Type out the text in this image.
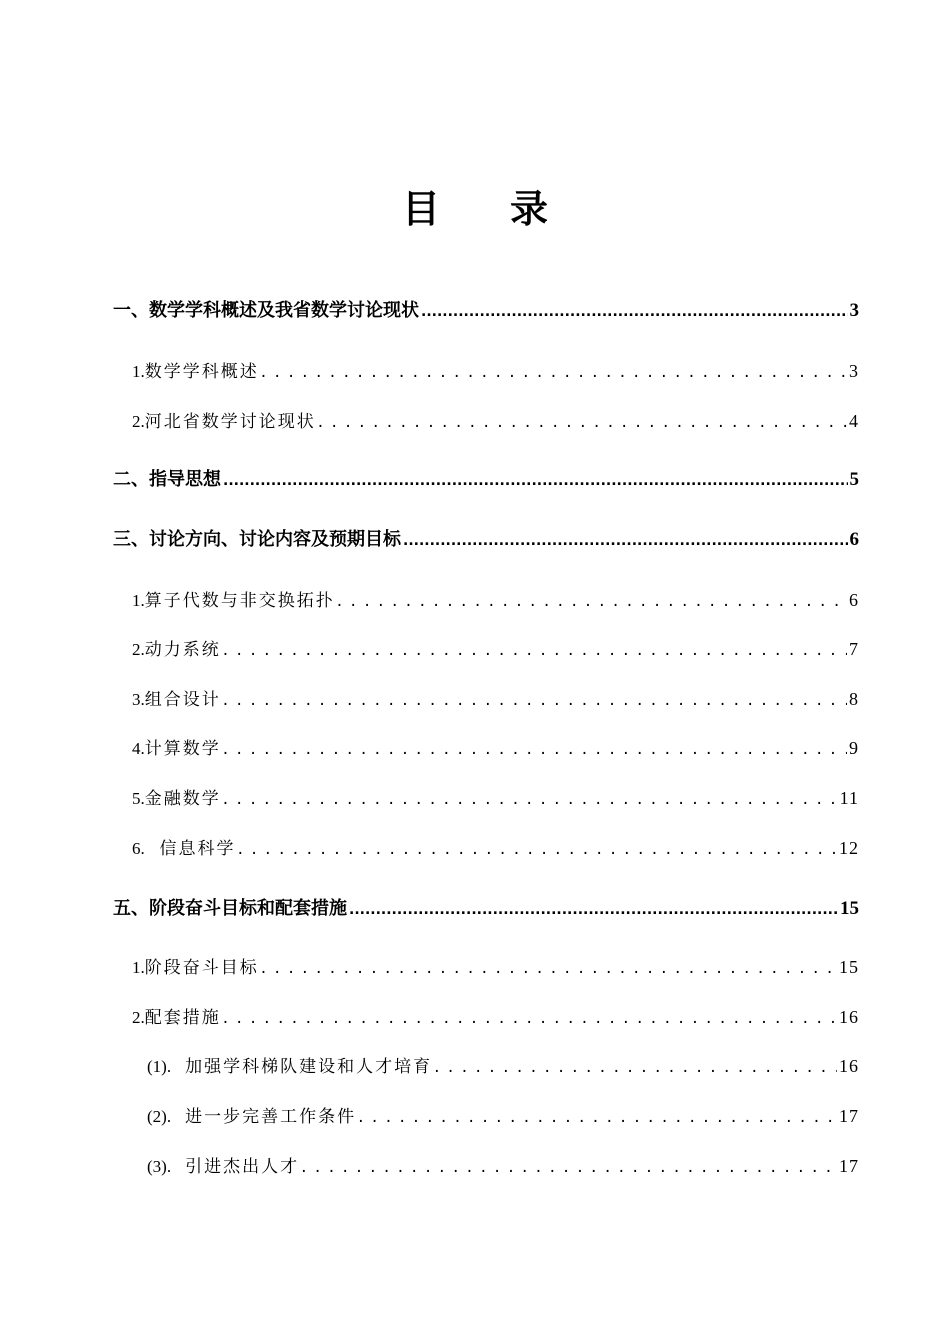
目 录
一、数学学科概述及我省数学讨论现状 .....	3
1.数学学科概述 . . .	3
2.河北省数学讨论现状 . . .	4
二、指导思想 .....	5
三、讨论方向、讨论内容及预期目标 .....	6
1.算子代数与非交换拓扑 . . .	6
2.动力系统 . . .	7
3.组合设计 . . .	8
4.计算数学 . . .	9
5.金融数学 . . .	11
6.  信息科学 . . .	12
五、阶段奋斗目标和配套措施 .....	15
1.阶段奋斗目标 . . .	15
2.配套措施 . . .	16
(1). 加强学科梯队建设和人才培育 . . .	16
(2). 进一步完善工作条件 . . .	17
(3). 引进杰出人才 . . .	17
